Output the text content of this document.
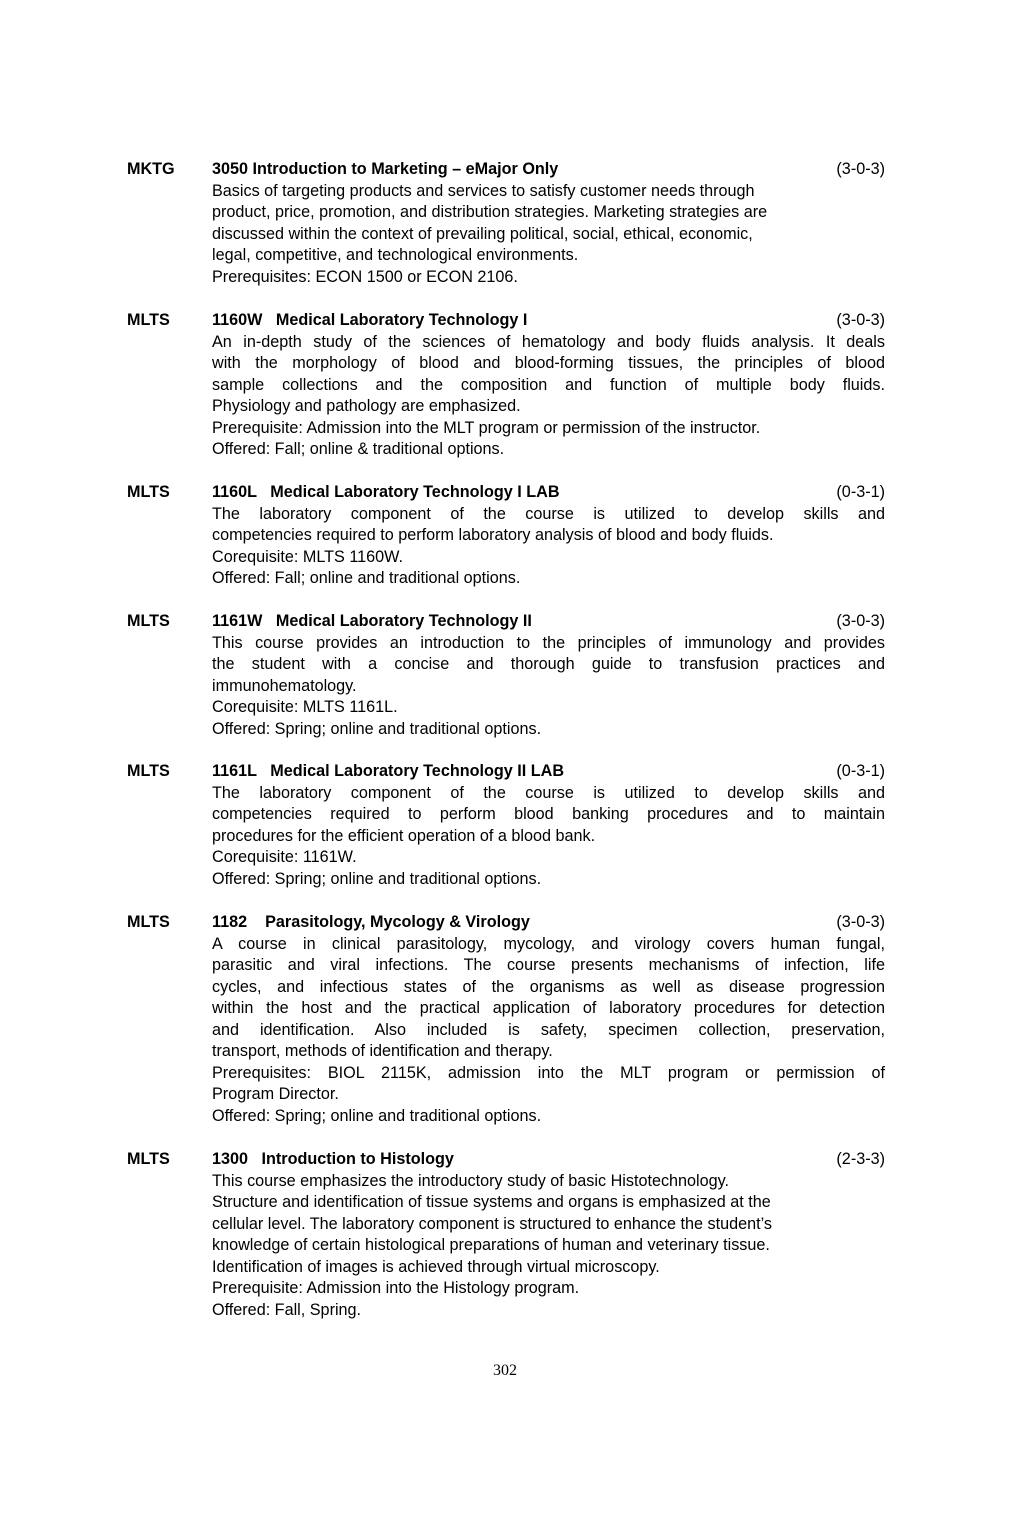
MKTG 3050 Introduction to Marketing – eMajor Only	(3-0-3)
Basics of targeting products and services to satisfy customer needs through
product, price, promotion, and distribution strategies. Marketing strategies are
discussed within the context of prevailing political, social, ethical, economic,
legal, competitive, and technological environments.
Prerequisites: ECON 1500 or ECON 2106.
MLTS	1160W   Medical Laboratory Technology I	(3-0-3)
An in-depth study of the sciences of hematology and body fluids analysis. It deals
with the morphology of blood and blood-forming tissues, the principles of blood
sample collections and the composition and function of multiple body fluids.
Physiology and pathology are emphasized.
Prerequisite: Admission into the MLT program or permission of the instructor.
Offered: Fall; online & traditional options.
MLTS	1160L   Medical Laboratory Technology I LAB	(0-3-1)
The laboratory component of the course is utilized to develop skills and
competencies required to perform laboratory analysis of blood and body fluids.
Corequisite: MLTS 1160W.
Offered: Fall; online and traditional options.
MLTS	1161W   Medical Laboratory Technology II	(3-0-3)
This course provides an introduction to the principles of immunology and provides
the student with a concise and thorough guide to transfusion practices and
immunohematology.
Corequisite: MLTS 1161L.
Offered: Spring; online and traditional options.
MLTS	1161L   Medical Laboratory Technology II LAB	(0-3-1)
The laboratory component of the course is utilized to develop skills and
competencies required to perform blood banking procedures and to maintain
procedures for the efficient operation of a blood bank.
Corequisite: 1161W.
Offered: Spring; online and traditional options.
MLTS	1182    Parasitology, Mycology & Virology	(3-0-3)
A course in clinical parasitology, mycology, and virology covers human fungal,
parasitic and viral infections. The course presents mechanisms of infection, life
cycles, and infectious states of the organisms as well as disease progression
within the host and the practical application of laboratory procedures for detection
and identification. Also included is safety, specimen collection, preservation,
transport, methods of identification and therapy.
Prerequisites: BIOL 2115K, admission into the MLT program or permission of
Program Director.
Offered: Spring; online and traditional options.
MLTS	1300   Introduction to Histology	(2-3-3)
This course emphasizes the introductory study of basic Histotechnology.
Structure and identification of tissue systems and organs is emphasized at the
cellular level. The laboratory component is structured to enhance the student’s
knowledge of certain histological preparations of human and veterinary tissue.
Identification of images is achieved through virtual microscopy.
Prerequisite: Admission into the Histology program.
Offered: Fall, Spring.
302
